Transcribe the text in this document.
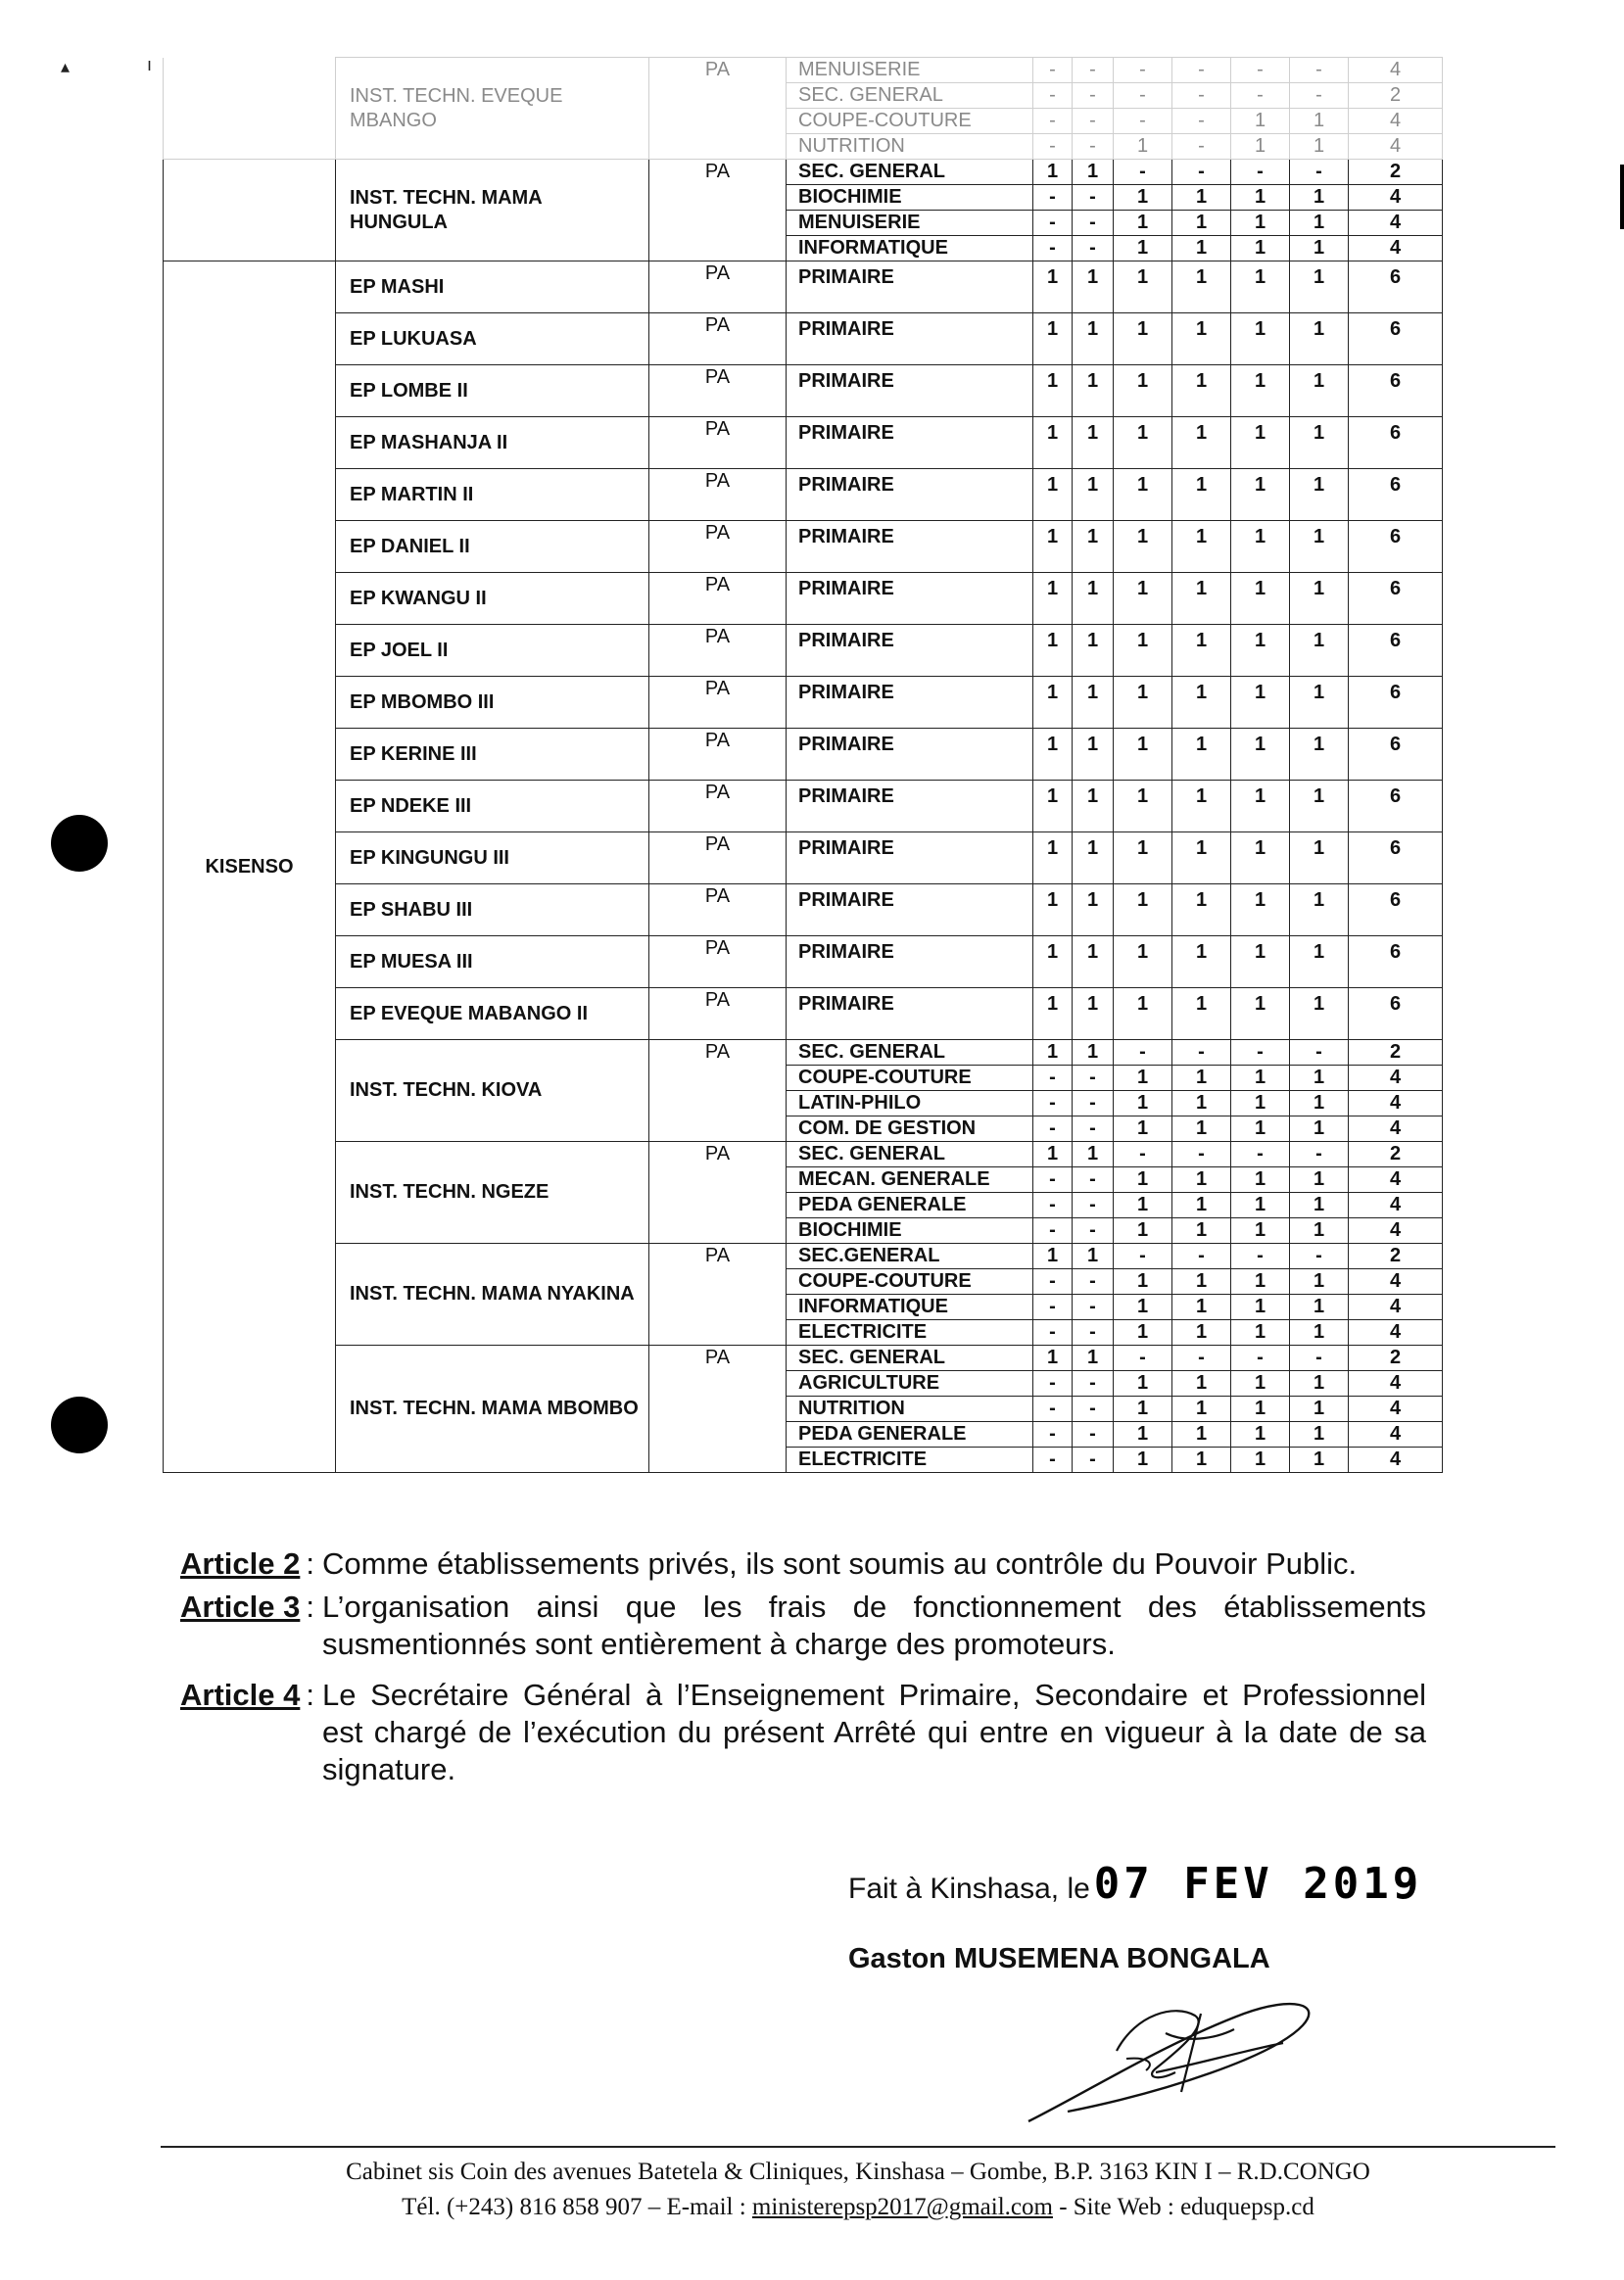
▴	ı
	INST. TECHN. EVEQUE MBANGO	PA	MENUISERIE	-	-	-	-	-	-	4
			SEC. GENERAL	-	-	-	-	-	-	2
			COUPE-COUTURE	-	-	-	-	1	1	4
			NUTRITION	-	-	1	-	1	1	4
	INST. TECHN. MAMA HUNGULA	PA	SEC. GENERAL	1	1	-	-	-	-	2
			BIOCHIMIE	-	-	1	1	1	1	4
			MENUISERIE	-	-	1	1	1	1	4
			INFORMATIQUE	-	-	1	1	1	1	4
KISENSO	EP MASHI	PA	PRIMAIRE	1	1	1	1	1	1	6
	EP LUKUASA	PA	PRIMAIRE	1	1	1	1	1	1	6
	EP LOMBE II	PA	PRIMAIRE	1	1	1	1	1	1	6
	EP MASHANJA II	PA	PRIMAIRE	1	1	1	1	1	1	6
	EP MARTIN II	PA	PRIMAIRE	1	1	1	1	1	1	6
	EP DANIEL II	PA	PRIMAIRE	1	1	1	1	1	1	6
	EP KWANGU II	PA	PRIMAIRE	1	1	1	1	1	1	6
	EP JOEL II	PA	PRIMAIRE	1	1	1	1	1	1	6
	EP MBOMBO III	PA	PRIMAIRE	1	1	1	1	1	1	6
	EP KERINE III	PA	PRIMAIRE	1	1	1	1	1	1	6
	EP NDEKE III	PA	PRIMAIRE	1	1	1	1	1	1	6
	EP KINGUNGU III	PA	PRIMAIRE	1	1	1	1	1	1	6
	EP SHABU III	PA	PRIMAIRE	1	1	1	1	1	1	6
	EP MUESA III	PA	PRIMAIRE	1	1	1	1	1	1	6
	EP EVEQUE MABANGO II	PA	PRIMAIRE	1	1	1	1	1	1	6
	INST. TECHN. KIOVA	PA	SEC. GENERAL	1	1	-	-	-	-	2
			COUPE-COUTURE	-	-	1	1	1	1	4
			LATIN-PHILO	-	-	1	1	1	1	4
			COM. DE GESTION	-	-	1	1	1	1	4
	INST. TECHN. NGEZE	PA	SEC. GENERAL	1	1	-	-	-	-	2
			MECAN. GENERALE	-	-	1	1	1	1	4
			PEDA GENERALE	-	-	1	1	1	1	4
			BIOCHIMIE	-	-	1	1	1	1	4
	INST. TECHN. MAMA NYAKINA	PA	SEC.GENERAL	1	1	-	-	-	-	2
			COUPE-COUTURE	-	-	1	1	1	1	4
			INFORMATIQUE	-	-	1	1	1	1	4
			ELECTRICITE	-	-	1	1	1	1	4
	INST. TECHN. MAMA MBOMBO	PA	SEC. GENERAL	1	1	-	-	-	-	2
			AGRICULTURE	-	-	1	1	1	1	4
			NUTRITION	-	-	1	1	1	1	4
			PEDA GENERALE	-	-	1	1	1	1	4
			ELECTRICITE	-	-	1	1	1	1	4
Article 2 : Comme établissements privés, ils sont soumis au contrôle du Pouvoir Public.
Article 3 : L’organisation ainsi que les frais de fonctionnement des établissements susmentionnés sont entièrement à charge des promoteurs.
Article 4 : Le Secrétaire Général à l’Enseignement Primaire, Secondaire et Professionnel est chargé de l’exécution du présent Arrêté qui entre en vigueur à la date de sa signature.
Fait à Kinshasa, le07 FEV 2019
Gaston MUSEMENA BONGALA
Cabinet sis Coin des avenues Batetela & Cliniques, Kinshasa – Gombe, B.P. 3163 KIN I – R.D.CONGO
Tél. (+243) 816 858 907 – E-mail : ministerepsp2017@gmail.com - Site Web : eduquepsp.cd
